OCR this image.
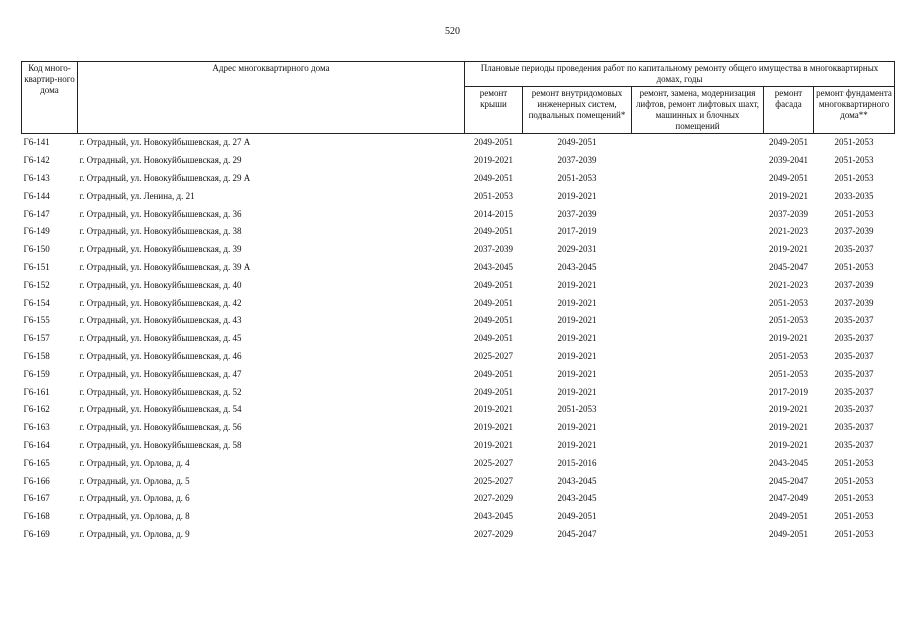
520
Код много-квартир-ного дома	Адрес многоквартирного дома	Плановые периоды проведения работ по капитальному ремонту общего имущества в многоквартирных домах, годы				
		ремонт крыши	ремонт внутридомовых инженерных систем, подвальных помещений*	ремонт, замена, модернизация лифтов, ремонт лифтовых шахт, машинных и блочных помещений	ремонт фасада	ремонт фундамента многоквартирного дома**
Г6-141	г. Отрадный, ул. Новокуйбышевская, д. 27 А	2049-2051	2049-2051		2049-2051	2051-2053
Г6-142	г. Отрадный, ул. Новокуйбышевская, д. 29	2019-2021	2037-2039		2039-2041	2051-2053
Г6-143	г. Отрадный, ул. Новокуйбышевская, д. 29 А	2049-2051	2051-2053		2049-2051	2051-2053
Г6-144	г. Отрадный, ул. Ленина, д. 21	2051-2053	2019-2021		2019-2021	2033-2035
Г6-147	г. Отрадный, ул. Новокуйбышевская, д. 36	2014-2015	2037-2039		2037-2039	2051-2053
Г6-149	г. Отрадный, ул. Новокуйбышевская, д. 38	2049-2051	2017-2019		2021-2023	2037-2039
Г6-150	г. Отрадный, ул. Новокуйбышевская, д. 39	2037-2039	2029-2031		2019-2021	2035-2037
Г6-151	г. Отрадный, ул. Новокуйбышевская, д. 39 А	2043-2045	2043-2045		2045-2047	2051-2053
Г6-152	г. Отрадный, ул. Новокуйбышевская, д. 40	2049-2051	2019-2021		2021-2023	2037-2039
Г6-154	г. Отрадный, ул. Новокуйбышевская, д. 42	2049-2051	2019-2021		2051-2053	2037-2039
Г6-155	г. Отрадный, ул. Новокуйбышевская, д. 43	2049-2051	2019-2021		2051-2053	2035-2037
Г6-157	г. Отрадный, ул. Новокуйбышевская, д. 45	2049-2051	2019-2021		2019-2021	2035-2037
Г6-158	г. Отрадный, ул. Новокуйбышевская, д. 46	2025-2027	2019-2021		2051-2053	2035-2037
Г6-159	г. Отрадный, ул. Новокуйбышевская, д. 47	2049-2051	2019-2021		2051-2053	2035-2037
Г6-161	г. Отрадный, ул. Новокуйбышевская, д. 52	2049-2051	2019-2021		2017-2019	2035-2037
Г6-162	г. Отрадный, ул. Новокуйбышевская, д. 54	2019-2021	2051-2053		2019-2021	2035-2037
Г6-163	г. Отрадный, ул. Новокуйбышевская, д. 56	2019-2021	2019-2021		2019-2021	2035-2037
Г6-164	г. Отрадный, ул. Новокуйбышевская, д. 58	2019-2021	2019-2021		2019-2021	2035-2037
Г6-165	г. Отрадный, ул. Орлова, д. 4	2025-2027	2015-2016		2043-2045	2051-2053
Г6-166	г. Отрадный, ул. Орлова, д. 5	2025-2027	2043-2045		2045-2047	2051-2053
Г6-167	г. Отрадный, ул. Орлова, д. 6	2027-2029	2043-2045		2047-2049	2051-2053
Г6-168	г. Отрадный, ул. Орлова, д. 8	2043-2045	2049-2051		2049-2051	2051-2053
Г6-169	г. Отрадный, ул. Орлова, д. 9	2027-2029	2045-2047		2049-2051	2051-2053
